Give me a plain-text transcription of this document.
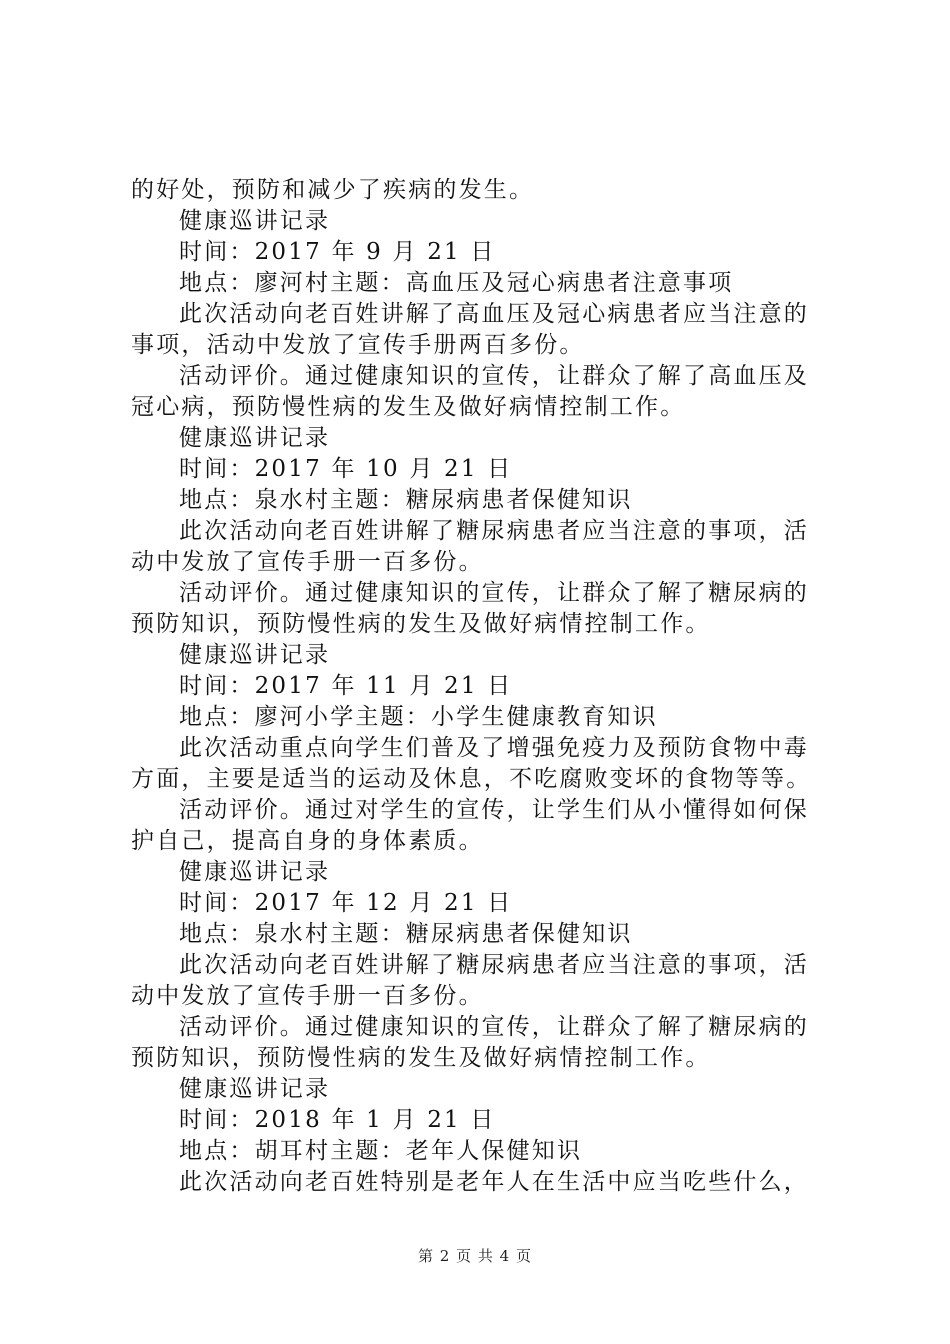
的好处，预防和减少了疾病的发生。
健康巡讲记录
时间：2017 年 9 月 21 日
地点：廖河村主题：高血压及冠心病患者注意事项
此次活动向老百姓讲解了高血压及冠心病患者应当注意的
事项，活动中发放了宣传手册两百多份。
活动评价。通过健康知识的宣传，让群众了解了高血压及
冠心病，预防慢性病的发生及做好病情控制工作。
健康巡讲记录
时间：2017 年 10 月 21 日
地点：泉水村主题：糖尿病患者保健知识
此次活动向老百姓讲解了糖尿病患者应当注意的事项，活
动中发放了宣传手册一百多份。
活动评价。通过健康知识的宣传，让群众了解了糖尿病的
预防知识，预防慢性病的发生及做好病情控制工作。
健康巡讲记录
时间：2017 年 11 月 21 日
地点：廖河小学主题：小学生健康教育知识
此次活动重点向学生们普及了增强免疫力及预防食物中毒
方面，主要是适当的运动及休息，不吃腐败变坏的食物等等。
活动评价。通过对学生的宣传，让学生们从小懂得如何保
护自己，提高自身的身体素质。
健康巡讲记录
时间：2017 年 12 月 21 日
地点：泉水村主题：糖尿病患者保健知识
此次活动向老百姓讲解了糖尿病患者应当注意的事项，活
动中发放了宣传手册一百多份。
活动评价。通过健康知识的宣传，让群众了解了糖尿病的
预防知识，预防慢性病的发生及做好病情控制工作。
健康巡讲记录
时间：2018 年 1 月 21 日
地点：胡耳村主题：老年人保健知识
此次活动向老百姓特别是老年人在生活中应当吃些什么，
第 2 页 共 4 页
